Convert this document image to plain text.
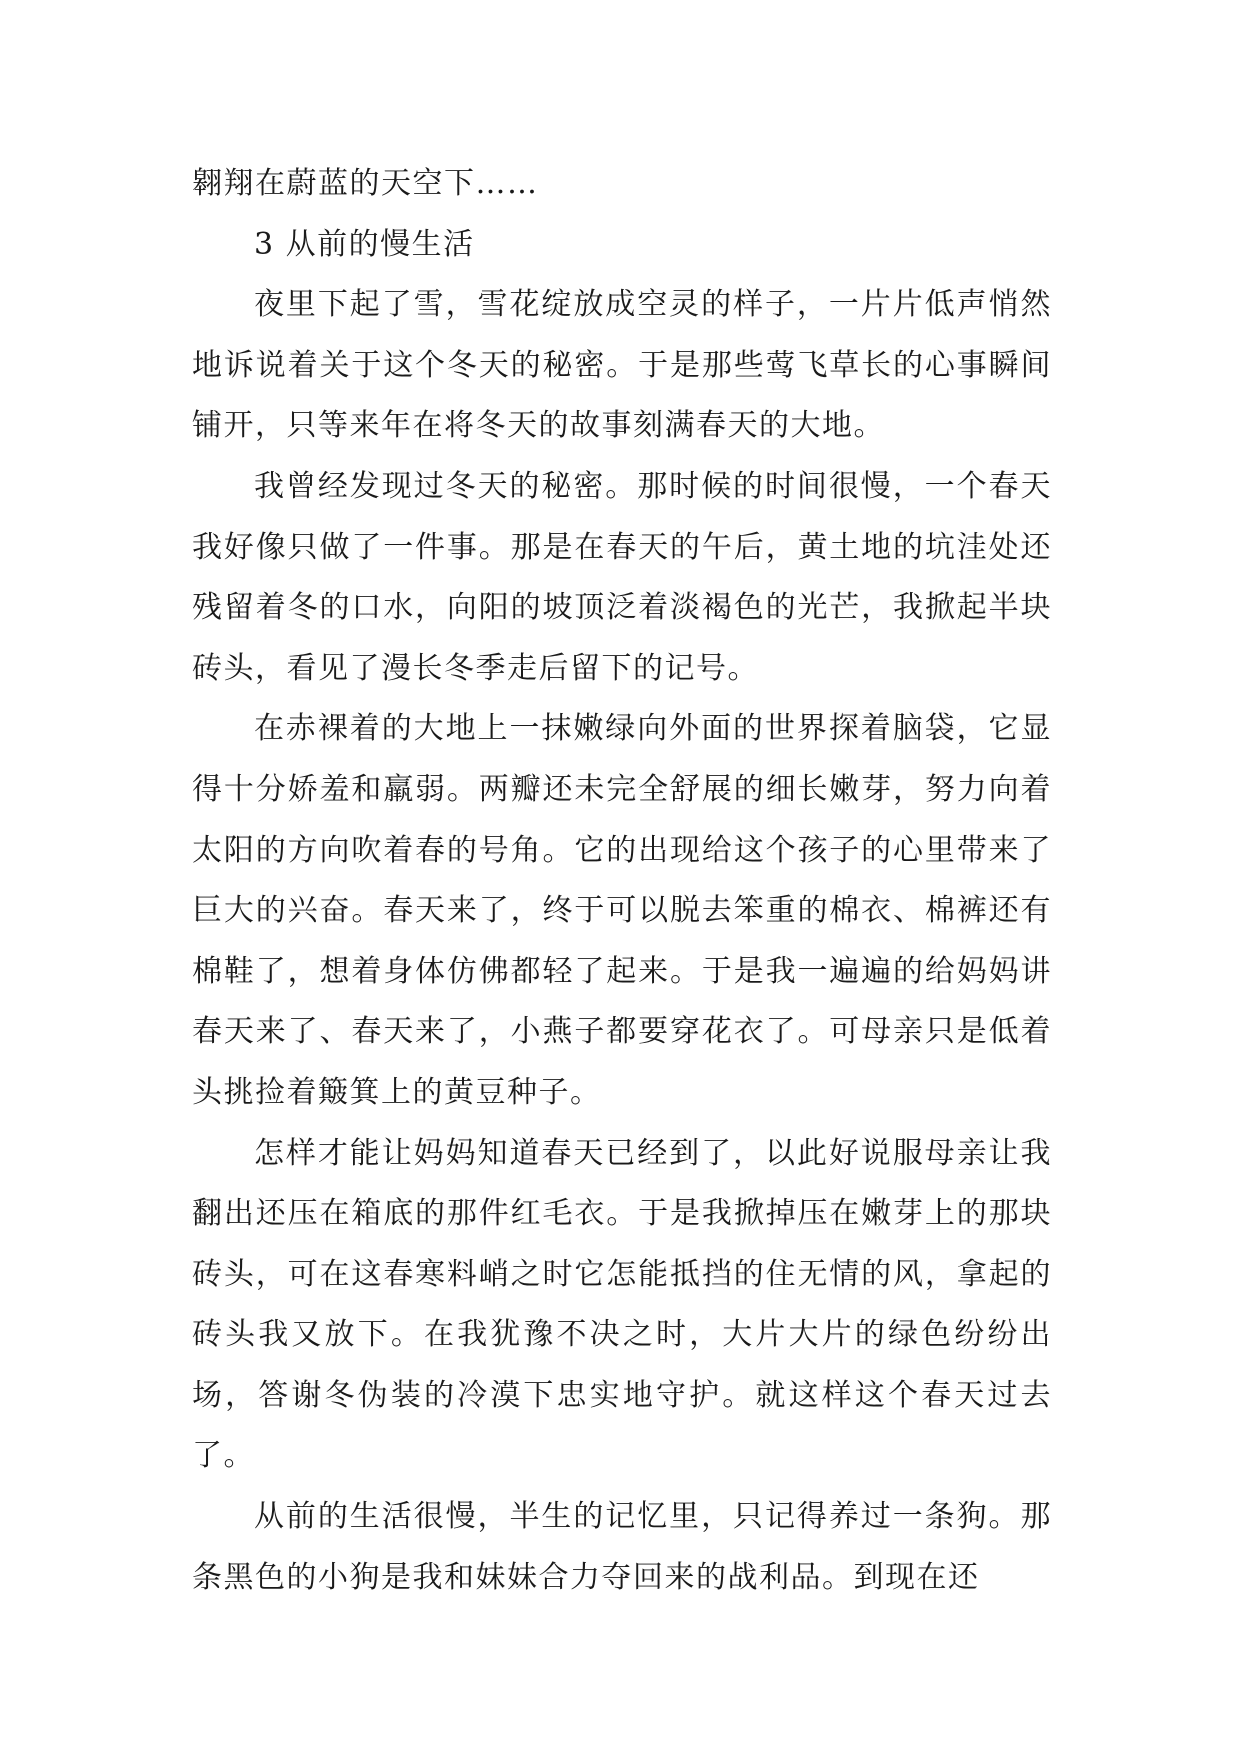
翱翔在蔚蓝的天空下……

3 从前的慢生活

夜里下起了雪，雪花绽放成空灵的样子，一片片低声悄然地诉说着关于这个冬天的秘密。于是那些莺飞草长的心事瞬间铺开，只等来年在将冬天的故事刻满春天的大地。

我曾经发现过冬天的秘密。那时候的时间很慢，一个春天我好像只做了一件事。那是在春天的午后，黄土地的坑洼处还残留着冬的口水，向阳的坡顶泛着淡褐色的光芒，我掀起半块砖头，看见了漫长冬季走后留下的记号。

在赤裸着的大地上一抹嫩绿向外面的世界探着脑袋，它显得十分娇羞和羸弱。两瓣还未完全舒展的细长嫩芽，努力向着太阳的方向吹着春的号角。它的出现给这个孩子的心里带来了巨大的兴奋。春天来了，终于可以脱去笨重的棉衣、棉裤还有棉鞋了，想着身体仿佛都轻了起来。于是我一遍遍的给妈妈讲春天来了、春天来了，小燕子都要穿花衣了。可母亲只是低着头挑捡着簸箕上的黄豆种子。

怎样才能让妈妈知道春天已经到了，以此好说服母亲让我翻出还压在箱底的那件红毛衣。于是我掀掉压在嫩芽上的那块砖头，可在这春寒料峭之时它怎能抵挡的住无情的风，拿起的砖头我又放下。在我犹豫不决之时，大片大片的绿色纷纷出场，答谢冬伪装的冷漠下忠实地守护。就这样这个春天过去了。

从前的生活很慢，半生的记忆里，只记得养过一条狗。那条黑色的小狗是我和妹妹合力夺回来的战利品。到现在还
